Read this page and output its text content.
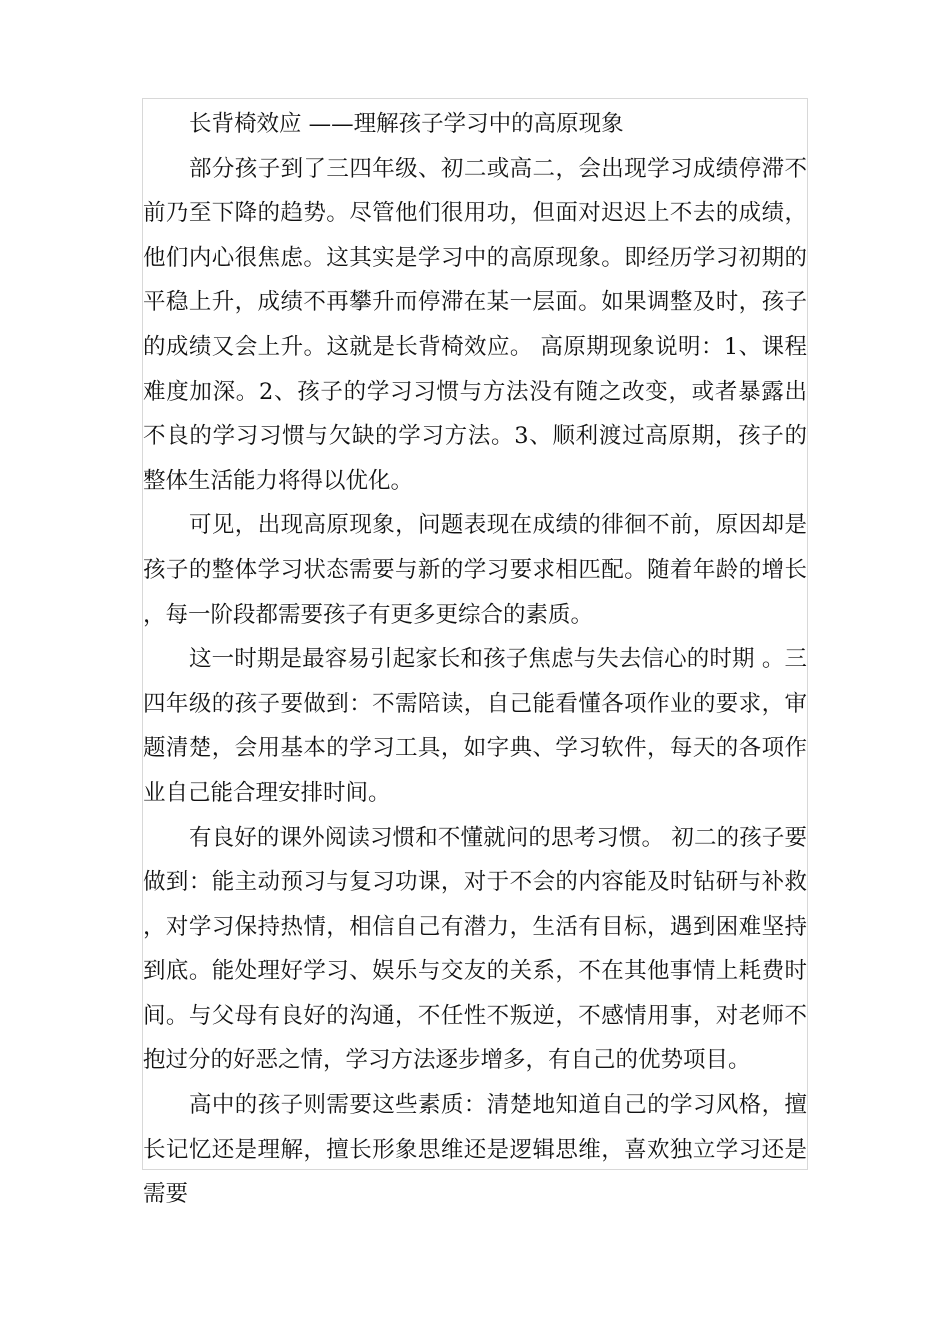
长背椅效应 ——理解孩子学习中的高原现象

部分孩子到了三四年级、初二或高二，会出现学习成绩停滞不前乃至下降的趋势。尽管他们很用功，但面对迟迟上不去的成绩，他们内心很焦虑。这其实是学习中的高原现象。即经历学习初期的平稳上升，成绩不再攀升而停滞在某一层面。如果调整及时，孩子的成绩又会上升。这就是长背椅效应。 高原期现象说明：1、课程难度加深。2、孩子的学习习惯与方法没有随之改变，或者暴露出不良的学习习惯与欠缺的学习方法。3、顺利渡过高原期，孩子的整体生活能力将得以优化。

可见，出现高原现象，问题表现在成绩的徘徊不前，原因却是孩子的整体学习状态需要与新的学习要求相匹配。随着年龄的增长，每一阶段都需要孩子有更多更综合的素质。

这一时期是最容易引起家长和孩子焦虑与失去信心的时期 。三四年级的孩子要做到：不需陪读，自己能看懂各项作业的要求，审题清楚，会用基本的学习工具，如字典、学习软件，每天的各项作业自己能合理安排时间。

有良好的课外阅读习惯和不懂就问的思考习惯。 初二的孩子要做到：能主动预习与复习功课，对于不会的内容能及时钻研与补救，对学习保持热情，相信自己有潜力，生活有目标，遇到困难坚持到底。能处理好学习、娱乐与交友的关系，不在其他事情上耗费时间。与父母有良好的沟通，不任性不叛逆，不感情用事，对老师不抱过分的好恶之情，学习方法逐步增多，有自己的优势项目。

高中的孩子则需要这些素质：清楚地知道自己的学习风格，擅长记忆还是理解，擅长形象思维还是逻辑思维，喜欢独立学习还是需要
